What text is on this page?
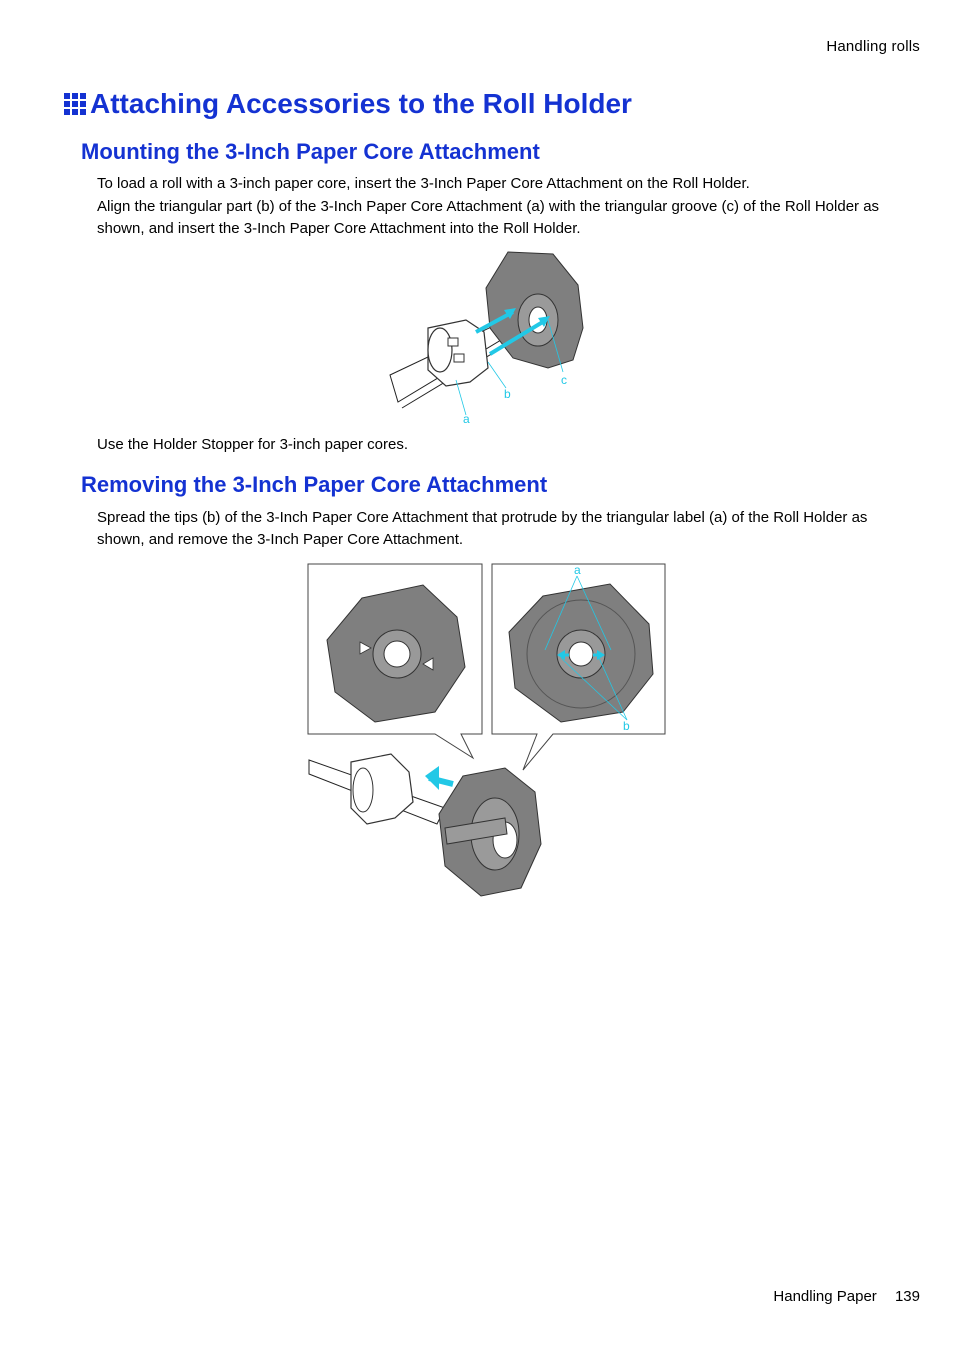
Handling rolls
Attaching Accessories to the Roll Holder
Mounting the 3-Inch Paper Core Attachment

To load a roll with a 3-inch paper core, insert the 3-Inch Paper Core Attachment on the Roll Holder.

Align the triangular part (b) of the 3-Inch Paper Core Attachment (a) with the triangular groove (c) of the Roll Holder as shown, and insert the 3-Inch Paper Core Attachment into the Roll Holder.

a
b
c

Use the Holder Stopper for 3-inch paper cores.

Removing the 3-Inch Paper Core Attachment

Spread the tips (b) of the 3-Inch Paper Core Attachment that protrude by the triangular label (a) of the Roll Holder as shown, and remove the 3-Inch Paper Core Attachment.

a
b
Handling Paper 139
